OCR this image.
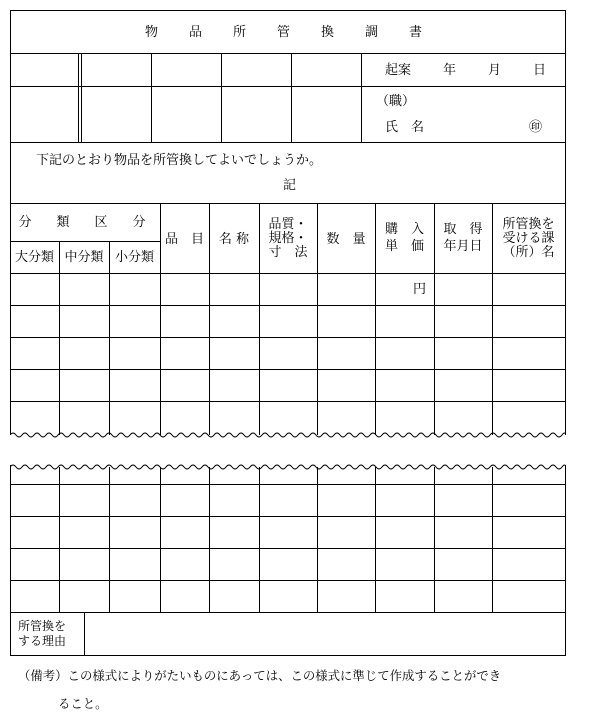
物　品　所　管　換　調　書
起案 年 月 日
（職）
氏　名	㊞
下記のとおり物品を所管換してよいでしょうか。
記
分　類　区　分
大分類 中分類 小分類
品　目	名 称
品質・
規格・
寸　法
数　量
購　入
単　価
取　得
年月日
所管換を
受ける課
（所）名
円
所管換を
する理由
（備考）この様式によりがたいものにあっては、この様式に準じて作成することができ
ること。
